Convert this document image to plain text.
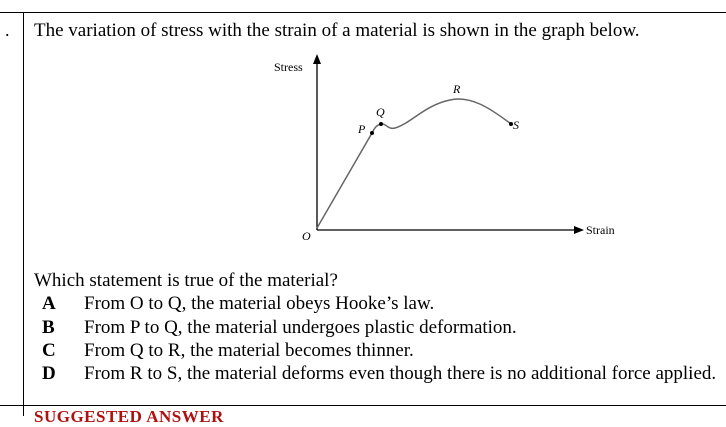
. The variation of stress with the strain of a material is shown in the graph below.
Stress
Strain
O
P
Q
R
S
Which statement is true of the material?
A From O to Q, the material obeys Hooke’s law.
B From P to Q, the material undergoes plastic deformation.
C From Q to R, the material becomes thinner.
D From R to S, the material deforms even though there is no additional force applied.
SUGGESTED ANSWER
